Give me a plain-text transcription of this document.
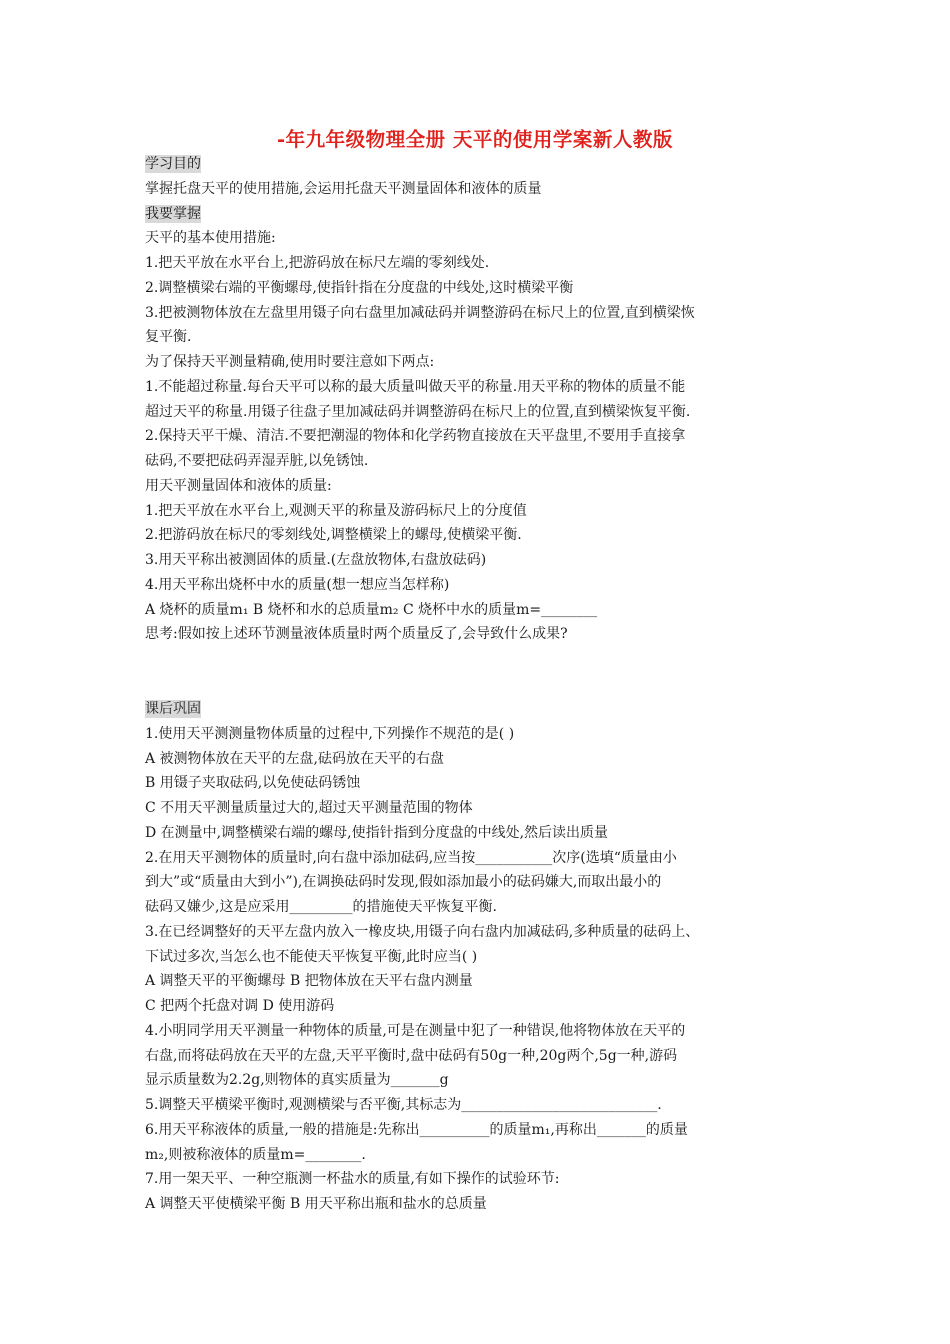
-年九年级物理全册 天平的使用学案新人教版
学习目的
掌握托盘天平的使用措施,会运用托盘天平测量固体和液体的质量
我要掌握
天平的基本使用措施:
1.把天平放在水平台上,把游码放在标尺左端的零刻线处.
2.调整横梁右端的平衡螺母,使指针指在分度盘的中线处,这时横梁平衡
3.把被测物体放在左盘里用镊子向右盘里加减砝码并调整游码在标尺上的位置,直到横梁恢
复平衡.
为了保持天平测量精确,使用时要注意如下两点:
1.不能超过称量.每台天平可以称的最大质量叫做天平的称量.用天平称的物体的质量不能
超过天平的称量.用镊子往盘子里加减砝码并调整游码在标尺上的位置,直到横梁恢复平衡.
2.保持天平干燥、清洁.不要把潮湿的物体和化学药物直接放在天平盘里,不要用手直接拿
砝码,不要把砝码弄湿弄脏,以免锈蚀.
用天平测量固体和液体的质量:
1.把天平放在水平台上,观测天平的称量及游码标尺上的分度值
2.把游码放在标尺的零刻线处,调整横梁上的螺母,使横梁平衡.
3.用天平称出被测固体的质量.(左盘放物体,右盘放砝码)
4.用天平称出烧杯中水的质量(想一想应当怎样称)
A 烧杯的质量m₁ B 烧杯和水的总质量m₂ C 烧杯中水的质量m=________
思考:假如按上述环节测量液体质量时两个质量反了,会导致什么成果?
课后巩固
1.使用天平测测量物体质量的过程中,下列操作不规范的是( )
A 被测物体放在天平的左盘,砝码放在天平的右盘
B 用镊子夹取砝码,以免使砝码锈蚀
C 不用天平测量质量过大的,超过天平测量范围的物体
D 在测量中,调整横梁右端的螺母,使指针指到分度盘的中线处,然后读出质量
2.在用天平测物体的质量时,向右盘中添加砝码,应当按___________次序(选填“质量由小
到大”或“质量由大到小”),在调换砝码时发现,假如添加最小的砝码嫌大,而取出最小的
砝码又嫌少,这是应采用_________的措施使天平恢复平衡.
3.在已经调整好的天平左盘内放入一橡皮块,用镊子向右盘内加减砝码,多种质量的砝码上、
下试过多次,当怎么也不能使天平恢复平衡,此时应当( )
A 调整天平的平衡螺母 B 把物体放在天平右盘内测量
C 把两个托盘对调 D 使用游码
4.小明同学用天平测量一种物体的质量,可是在测量中犯了一种错误,他将物体放在天平的
右盘,而将砝码放在天平的左盘,天平平衡时,盘中砝码有50g一种,20g两个,5g一种,游码
显示质量数为2.2g,则物体的真实质量为_______g
5.调整天平横梁平衡时,观测横梁与否平衡,其标志为____________________________.
6.用天平称液体的质量,一般的措施是:先称出__________的质量m₁,再称出_______的质量
m₂,则被称液体的质量m=________.
7.用一架天平、一种空瓶测一杯盐水的质量,有如下操作的试验环节:
A 调整天平使横梁平衡 B 用天平称出瓶和盐水的总质量
